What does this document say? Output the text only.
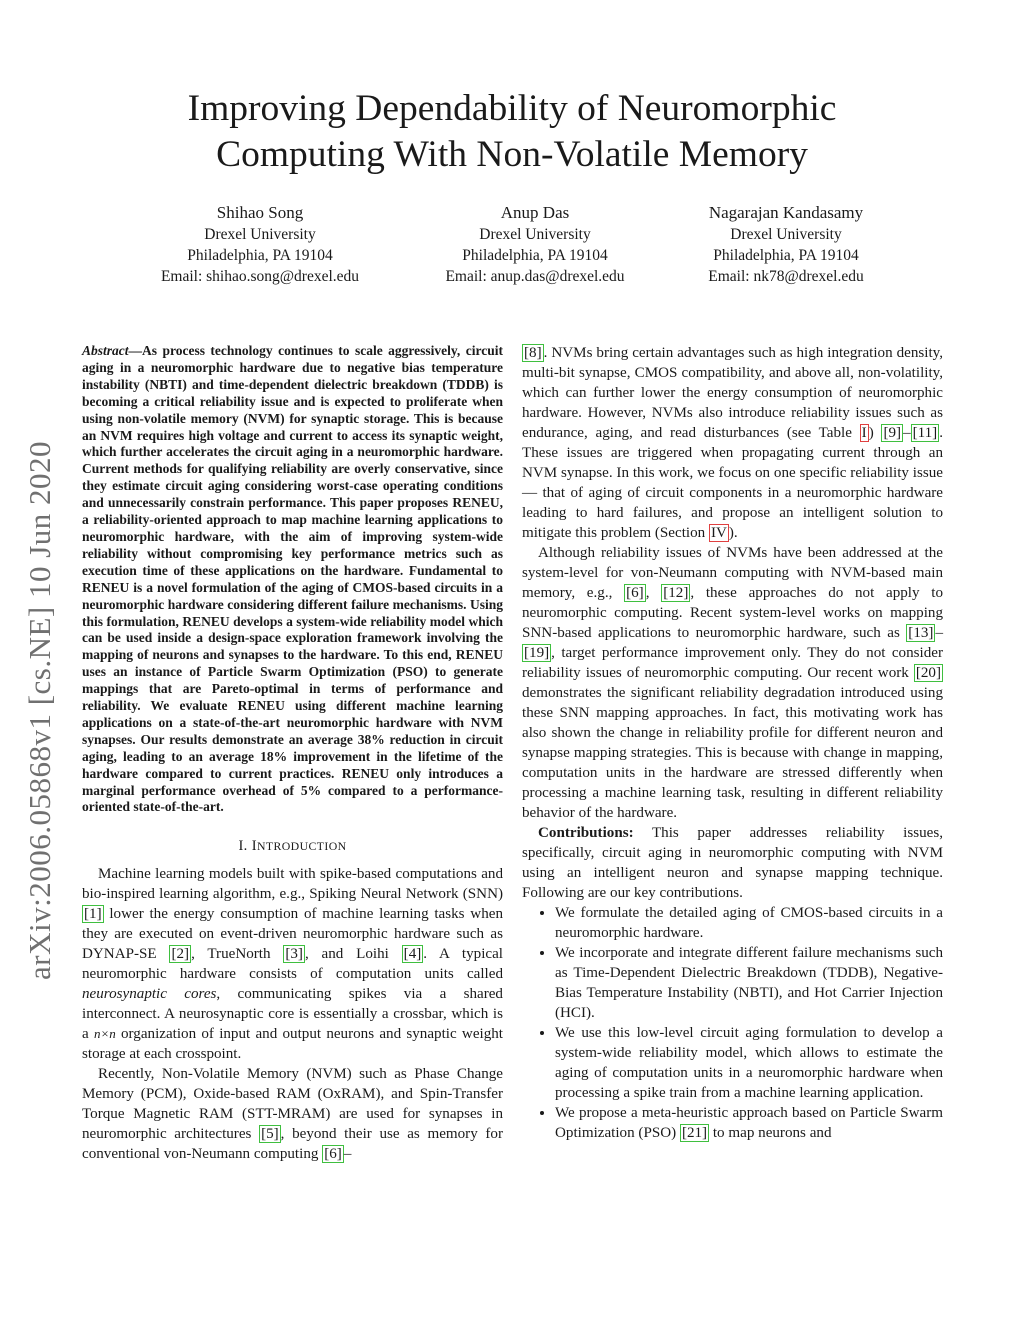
arXiv:2006.05868v1 [cs.NE] 10 Jun 2020
Improving Dependability of Neuromorphic
Computing With Non-Volatile Memory
Shihao Song
Drexel University
Philadelphia, PA 19104
Email: shihao.song@drexel.edu
Anup Das
Drexel University
Philadelphia, PA 19104
Email: anup.das@drexel.edu
Nagarajan Kandasamy
Drexel University
Philadelphia, PA 19104
Email: nk78@drexel.edu

Abstract—As process technology continues to scale aggressively, circuit aging in a neuromorphic hardware due to negative bias temperature instability (NBTI) and time-dependent dielectric breakdown (TDDB) is becoming a critical reliability issue and is expected to proliferate when using non-volatile memory (NVM) for synaptic storage. This is because an NVM requires high voltage and current to access its synaptic weight, which further accelerates the circuit aging in a neuromorphic hardware. Current methods for qualifying reliability are overly conservative, since they estimate circuit aging considering worst-case operating conditions and unnecessarily constrain performance. This paper proposes RENEU, a reliability-oriented approach to map machine learning applications to neuromorphic hardware, with the aim of improving system-wide reliability without compromising key performance metrics such as execution time of these applications on the hardware. Fundamental to RENEU is a novel formulation of the aging of CMOS-based circuits in a neuromorphic hardware considering different failure mechanisms. Using this formulation, RENEU develops a system-wide reliability model which can be used inside a design-space exploration framework involving the mapping of neurons and synapses to the hardware. To this end, RENEU uses an instance of Particle Swarm Optimization (PSO) to generate mappings that are Pareto-optimal in terms of performance and reliability. We evaluate RENEU using different machine learning applications on a state-of-the-art neuromorphic hardware with NVM synapses. Our results demonstrate an average 38% reduction in circuit aging, leading to an average 18% improvement in the lifetime of the hardware compared to current practices. RENEU only introduces a marginal performance overhead of 5% compared to a performance-oriented state-of-the-art.

I. INTRODUCTION

Machine learning models built with spike-based computations and bio-inspired learning algorithm, e.g., Spiking Neural Network (SNN) [1] lower the energy consumption of machine learning tasks when they are executed on event-driven neuromorphic hardware such as DYNAP-SE [2] , TrueNorth [3] , and Loihi [4] . A typical neuromorphic hardware consists of computation units called neurosynaptic cores, communicating spikes via a shared interconnect. A neurosynaptic core is essentially a crossbar, which is a n×n organization of input and output neurons and synaptic weight storage at each crosspoint.

Recently, Non-Volatile Memory (NVM) such as Phase Change Memory (PCM), Oxide-based RAM (OxRAM), and Spin-Transfer Torque Magnetic RAM (STT-MRAM) are used for synapses in neuromorphic architectures [5] , beyond their use as memory for conventional von-Neumann computing [6] –

[8] . NVMs bring certain advantages such as high integration density, multi-bit synapse, CMOS compatibility, and above all, non-volatility, which can further lower the energy consumption of neuromorphic hardware. However, NVMs also introduce reliability issues such as endurance, aging, and read disturbances (see Table I ) [9] – [11] . These issues are triggered when propagating current through an NVM synapse. In this work, we focus on one specific reliability issue — that of aging of circuit components in a neuromorphic hardware leading to hard failures, and propose an intelligent solution to mitigate this problem (Section IV ).

Although reliability issues of NVMs have been addressed at the system-level for von-Neumann computing with NVM-based main memory, e.g., [6] , [12] , these approaches do not apply to neuromorphic computing. Recent system-level works on mapping SNN-based applications to neuromorphic hardware, such as [13] –[19] , target performance improvement only. They do not consider reliability issues of neuromorphic computing. Our recent work [20] demonstrates the significant reliability degradation introduced using these SNN mapping approaches. In fact, this motivating work has also shown the change in reliability profile for different neuron and synapse mapping strategies. This is because with change in mapping, computation units in the hardware are stressed differently when processing a machine learning task, resulting in different reliability behavior of the hardware.

Contributions: This paper addresses reliability issues, specifically, circuit aging in neuromorphic computing with NVM using an intelligent neuron and synapse mapping technique. Following are our key contributions.

• We formulate the detailed aging of CMOS-based circuits in a neuromorphic hardware.
• We incorporate and integrate different failure mechanisms such as Time-Dependent Dielectric Breakdown (TDDB), Negative-Bias Temperature Instability (NBTI), and Hot Carrier Injection (HCI).
• We use this low-level circuit aging formulation to develop a system-wide reliability model, which allows to estimate the aging of computation units in a neuromorphic hardware when processing a spike train from a machine learning application.
• We propose a meta-heuristic approach based on Particle Swarm Optimization (PSO) [21] to map neurons and
